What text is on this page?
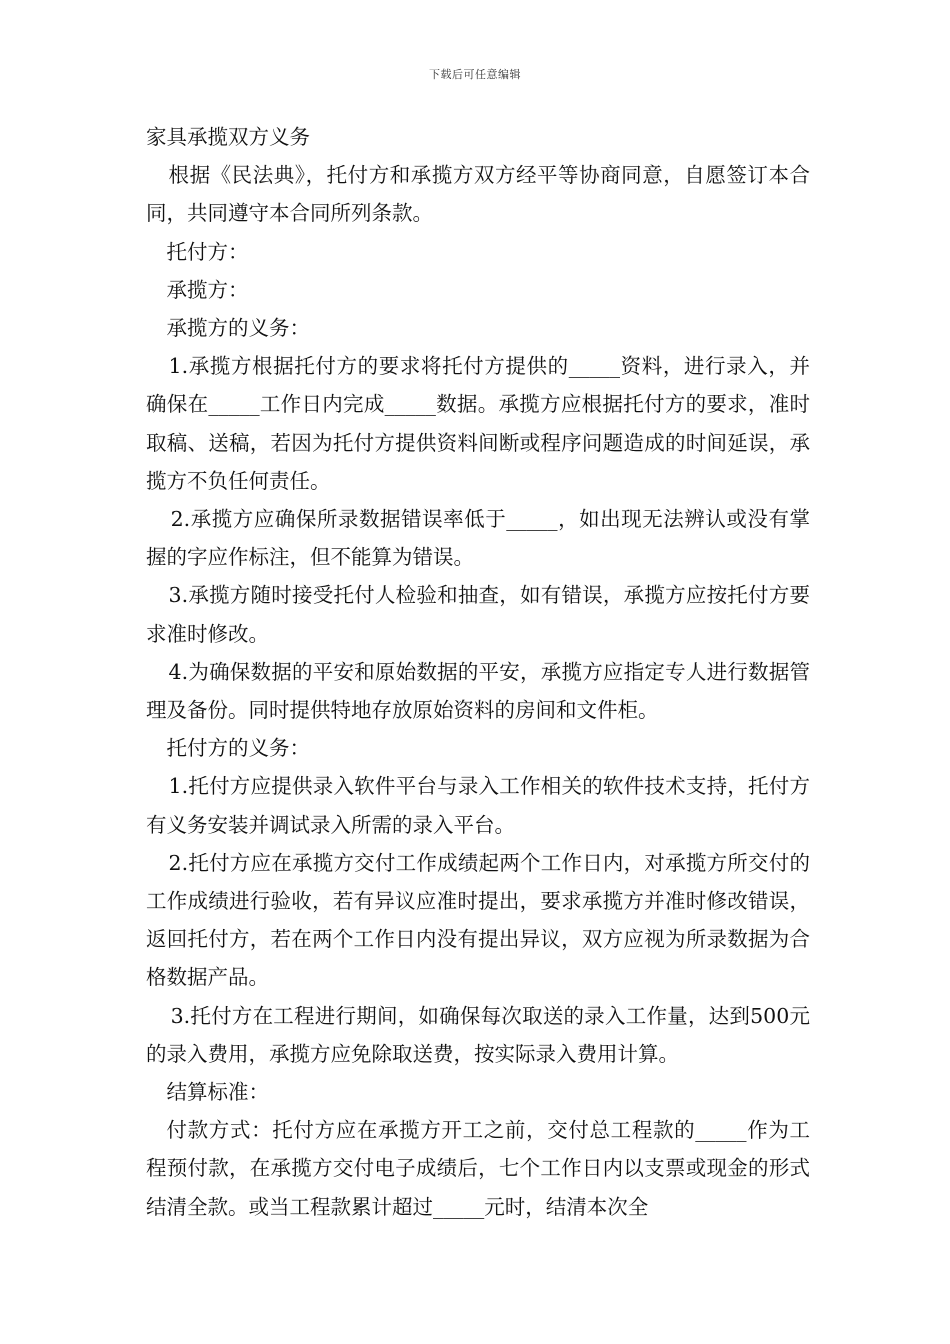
下载后可任意编辑
家具承揽双方义务

根据《民法典》，托付方和承揽方双方经平等协商同意，自愿签订本合同，共同遵守本合同所列条款。

托付方：

承揽方：

承揽方的义务：

1.承揽方根据托付方的要求将托付方提供的_____资料，进行录入，并确保在_____工作日内完成_____数据。承揽方应根据托付方的要求，准时取稿、送稿，若因为托付方提供资料间断或程序问题造成的时间延误，承揽方不负任何责任。

2.承揽方应确保所录数据错误率低于_____，如出现无法辨认或没有掌握的字应作标注，但不能算为错误。

3.承揽方随时接受托付人检验和抽查，如有错误，承揽方应按托付方要求准时修改。

4.为确保数据的平安和原始数据的平安，承揽方应指定专人进行数据管理及备份。同时提供特地存放原始资料的房间和文件柜。

托付方的义务：

1.托付方应提供录入软件平台与录入工作相关的软件技术支持，托付方有义务安装并调试录入所需的录入平台。

2.托付方应在承揽方交付工作成绩起两个工作日内，对承揽方所交付的工作成绩进行验收，若有异议应准时提出，要求承揽方并准时修改错误，返回托付方，若在两个工作日内没有提出异议，双方应视为所录数据为合格数据产品。

3.托付方在工程进行期间，如确保每次取送的录入工作量，达到500元的录入费用，承揽方应免除取送费，按实际录入费用计算。

结算标准：

付款方式：托付方应在承揽方开工之前，交付总工程款的_____作为工程预付款，在承揽方交付电子成绩后，七个工作日内以支票或现金的形式结清全款。或当工程款累计超过_____元时，结清本次全
